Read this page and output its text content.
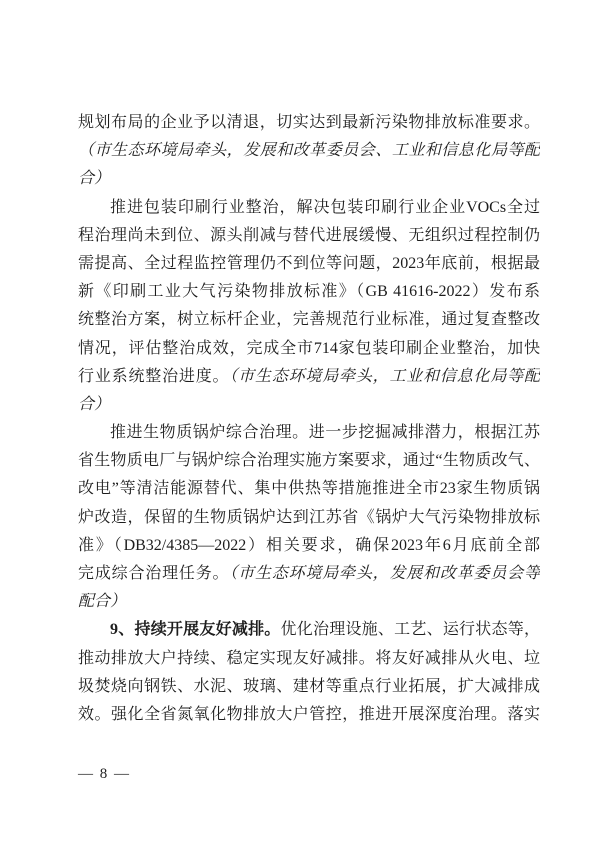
规划布局的企业予以清退，切实达到最新污染物排放标准要求。
（市生态环境局牵头，发展和改革委员会、工业和信息化局等配
合）
推进包装印刷行业整治，解决包装印刷行业企业VOCs全过
程治理尚未到位、源头削减与替代进展缓慢、无组织过程控制仍
需提高、全过程监控管理仍不到位等问题，2023年底前，根据最
新《印刷工业大气污染物排放标准》（GB 41616-2022）发布系
统整治方案，树立标杆企业，完善规范行业标准，通过复查整改
情况，评估整治成效，完成全市714家包装印刷企业整治，加快
行业系统整治进度。（市生态环境局牵头，工业和信息化局等配
合）
推进生物质锅炉综合治理。进一步挖掘减排潜力，根据江苏
省生物质电厂与锅炉综合治理实施方案要求，通过“生物质改气、
改电”等清洁能源替代、集中供热等措施推进全市23家生物质锅
炉改造，保留的生物质锅炉达到江苏省《锅炉大气污染物排放标
准》（DB32/4385—2022）相关要求，确保2023年6月底前全部
完成综合治理任务。（市生态环境局牵头，发展和改革委员会等
配合）
9、持续开展友好减排。优化治理设施、工艺、运行状态等，
推动排放大户持续、稳定实现友好减排。将友好减排从火电、垃
圾焚烧向钢铁、水泥、玻璃、建材等重点行业拓展，扩大减排成
效。强化全省氮氧化物排放大户管控，推进开展深度治理。落实
— 8 —
